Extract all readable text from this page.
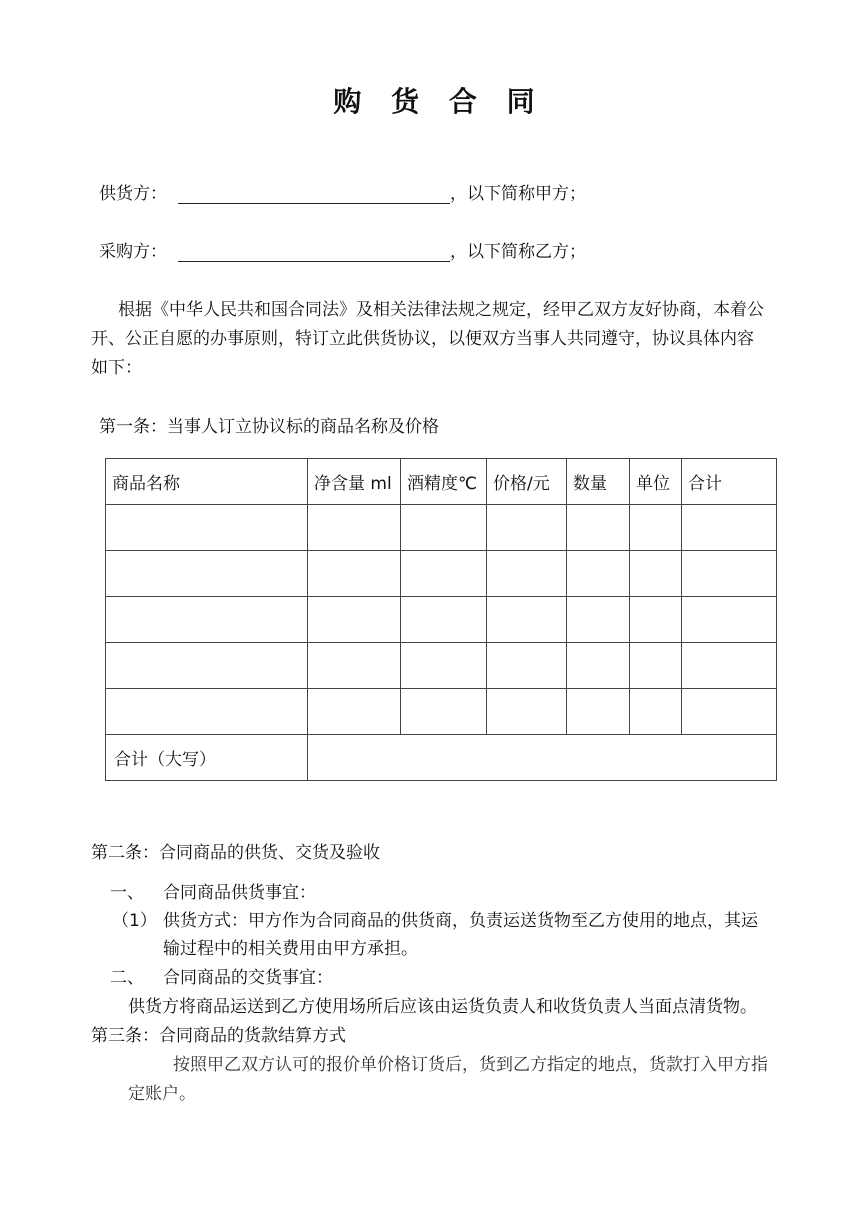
购 货 合 同
供货方：	，以下简称甲方；
采购方：	，以下简称乙方；
根据《中华人民共和国合同法》及相关法律法规之规定，经甲乙双方友好协商，本着公
开、公正自愿的办事原则，特订立此供货协议，以便双方当事人共同遵守，协议具体内容
如下：
第一条：当事人订立协议标的商品名称及价格
商品名称	净含量 ml	酒精度℃	价格/元	数量	单位	合计

合计（大写）						
第二条：合同商品的供货、交货及验收
一、 合同商品供货事宜：
（1） 供货方式：甲方作为合同商品的供货商，负责运送货物至乙方使用的地点，其运
输过程中的相关费用由甲方承担。
二、 合同商品的交货事宜：
供货方将商品运送到乙方使用场所后应该由运货负责人和收货负责人当面点清货物。
第三条：合同商品的货款结算方式
按照甲乙双方认可的报价单价格订货后，货到乙方指定的地点，货款打入甲方指
定账户。
